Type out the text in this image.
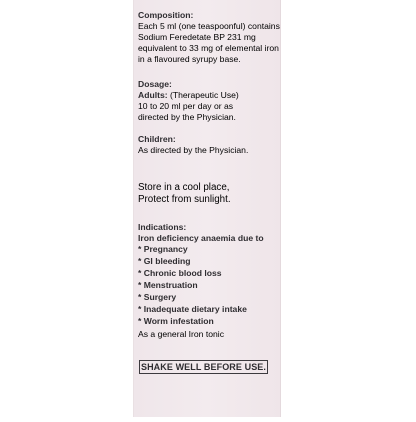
Composition:
Each 5 ml (one teaspoonful) contains
Sodium Feredetate BP 231 mg
equivalent to 33 mg of elemental iron
in a flavoured syrupy base.
Dosage:
Adults: (Therapeutic Use)
10 to 20 ml per day or as
directed by the Physician.
Children:
As directed by the Physician.
Store in a cool place,
Protect from sunlight.
Indications:
Iron deficiency anaemia due to
* Pregnancy
* GI bleeding
* Chronic blood loss
* Menstruation
* Surgery
* Inadequate dietary intake
* Worm infestation
As a general Iron tonic
SHAKE WELL BEFORE USE.
